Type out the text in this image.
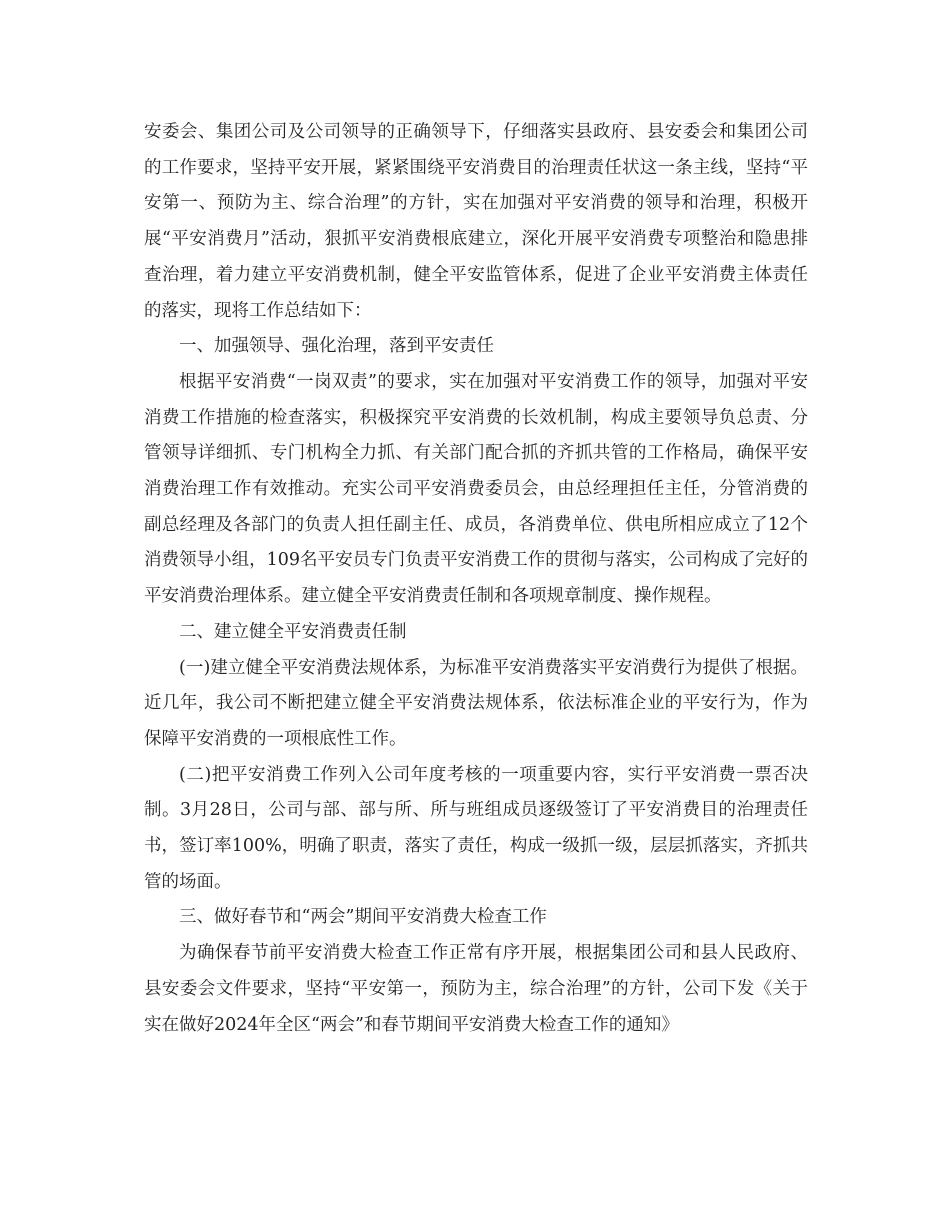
安委会、集团公司及公司领导的正确领导下，仔细落实县政府、县安委会和集团公司的工作要求，坚持平安开展，紧紧围绕平安消费目的治理责任状这一条主线，坚持“平安第一、预防为主、综合治理”的方针，实在加强对平安消费的领导和治理，积极开展“平安消费月”活动，狠抓平安消费根底建立，深化开展平安消费专项整治和隐患排查治理，着力建立平安消费机制，健全平安监管体系，促进了企业平安消费主体责任的落实，现将工作总结如下：

一、加强领导、强化治理，落到平安责任

根据平安消费“一岗双责”的要求，实在加强对平安消费工作的领导，加强对平安消费工作措施的检查落实，积极探究平安消费的长效机制，构成主要领导负总责、分管领导详细抓、专门机构全力抓、有关部门配合抓的齐抓共管的工作格局，确保平安消费治理工作有效推动。充实公司平安消费委员会，由总经理担任主任，分管消费的副总经理及各部门的负责人担任副主任、成员，各消费单位、供电所相应成立了12个消费领导小组，109名平安员专门负责平安消费工作的贯彻与落实，公司构成了完好的平安消费治理体系。建立健全平安消费责任制和各项规章制度、操作规程。

二、建立健全平安消费责任制

(一)建立健全平安消费法规体系，为标准平安消费落实平安消费行为提供了根据。近几年，我公司不断把建立健全平安消费法规体系，依法标准企业的平安行为，作为保障平安消费的一项根底性工作。

(二)把平安消费工作列入公司年度考核的一项重要内容，实行平安消费一票否决制。3月28日，公司与部、部与所、所与班组成员逐级签订了平安消费目的治理责任书，签订率100%，明确了职责，落实了责任，构成一级抓一级，层层抓落实，齐抓共管的场面。

三、做好春节和“两会”期间平安消费大检查工作

为确保春节前平安消费大检查工作正常有序开展，根据集团公司和县人民政府、县安委会文件要求，坚持“平安第一，预防为主，综合治理”的方针，公司下发《关于实在做好2024年全区“两会”和春节期间平安消费大检查工作的通知》
